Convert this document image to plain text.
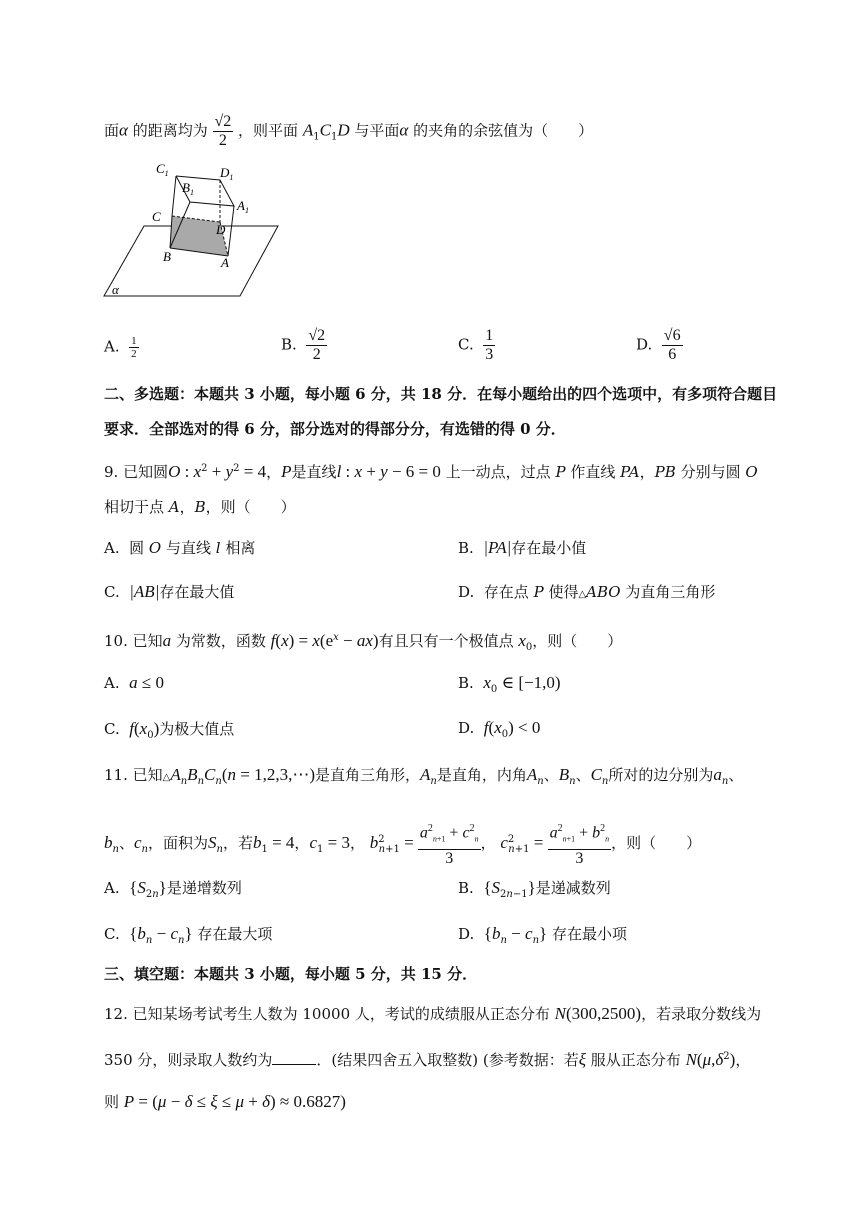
面α 的距离均为 $\frac{√2}{2}$ ，则平面 $A_1C_1D$ 与平面α 的夹角的余弦值为（　　）
$C_1$	$D_1$
$B_1$
$A_1$
C
D
B	A
α
A. $\frac{1}{2}$	B. $\frac{√2}{2}$	C. $\frac{1}{3}$	D. $\frac{√6}{6}$
二、多选题：本题共 3 小题，每小题 6 分，共 18 分．在每小题给出的四个选项中，有多项符合题目
要求．全部选对的得 6 分，部分选对的得部分分，有选错的得 0 分．
9. 已知圆O : $x^2 + y^2 = 4$，P是直线l : x + y − 6 = 0 上一动点，过点 P 作直线 PA，PB 分别与圆 O
相切于点 A，B，则（　　）
A.  圆 O 与直线 l 相离	B.  |PA|存在最小值
C.  |AB|存在最大值	D.  存在点 P 使得△ABO 为直角三角形
10. 已知a 为常数，函数 $f(x) = x(e^x - ax)$有且只有一个极值点 $x_0$，则（　　）
A.  a ≤ 0	B.  $x_0$ ∈ [−1,0)
C.  $f(x_0)$为极大值点	D.  $f(x_0) < 0$
11. 已知$\triangle A_nB_nC_n(n$ = 1,2,3,⋯)是直角三角形，$A_n$是直角，内角$A_n$、$B_n$、$C_n$所对的边分别为$a_n$、
$b_n$、$c_n$，面积为$S_n$，若$b_1 = 4$，$c_1 = 3$， $b^2_{n+1} = \frac{a^2_{n+1} + c^2_n}{3}$ ， $c^2_{n+1} = \frac{a^2_{n+1} + b^2_n}{3}$ ，则（　　）
A.  $\{S_{2n}\}$是递增数列	B.  $\{S_{2n-1}\}$是递减数列
C.  $\{b_n - c_n\}$ 存在最大项	D.  $\{b_n - c_n\}$ 存在最小项
三、填空题：本题共 3 小题，每小题 5 分，共 15 分．
12. 已知某场考试考生人数为 10000 人，考试的成绩服从正态分布 N(300,2500)，若录取分数线为
350 分，则录取人数约为	．(结果四舍五入取整数) (参考数据：若ξ 服从正态分布 $N(\mu,\delta^2)$，
则 P = (μ − δ ≤ ξ ≤ μ + δ) ≈ 0.6827)
